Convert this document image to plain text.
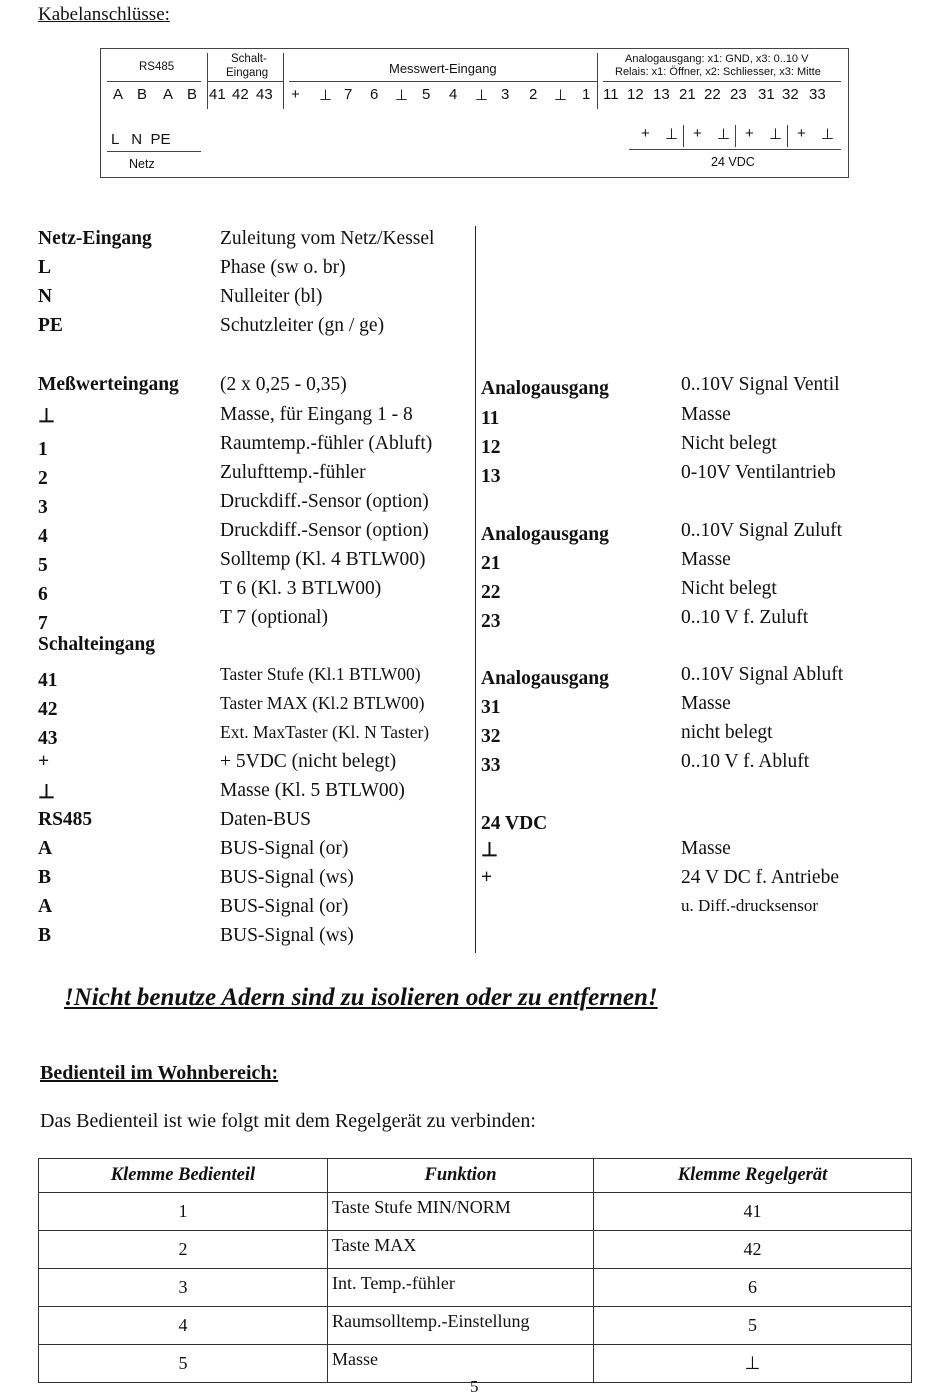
Kabelanschlüsse:
RS485
Schalt-
Eingang	Messwert-Eingang
Analogausgang: x1: GND, x3: 0..10 V
Relais: x1: Öffner, x2: Schliesser, x3: Mitte
A B A B 41 42 43 + ⊥ 7 6 ⊥ 5 4 ⊥ 3 2 ⊥ 1 11 12 13 21 22 23 31 32 33
L   N  PE
Netz
+ ⊥ + ⊥ + ⊥ + ⊥
24 VDC
Netz-Eingang	Zuleitung vom Netz/Kessel
L	Phase (sw o. br)
N	Nulleiter (bl)
PE	Schutzleiter (gn / ge)
Meßwerteingang (2 x 0,25 - 0,35)
⊥	Masse, für Eingang 1 - 8
1	Raumtemp.-fühler (Abluft)
2	Zulufttemp.-fühler
3	Druckdiff.-Sensor (option)
4	Druckdiff.-Sensor (option)
5	Solltemp (Kl. 4 BTLW00)
6	T 6 (Kl. 3 BTLW00)
7	T 7 (optional)
Schalteingang
41	Taster Stufe (Kl.1 BTLW00)
42	Taster MAX (Kl.2 BTLW00)
43	Ext. MaxTaster (Kl. N Taster)
+	+ 5VDC (nicht belegt)
⊥	Masse (Kl. 5 BTLW00)
RS485	Daten-BUS
A	BUS-Signal (or)
B	BUS-Signal (ws)
A	BUS-Signal (or)
B	BUS-Signal (ws)
Analogausgang	0..10V Signal Ventil
11	Masse
12	Nicht belegt
13	0-10V Ventilantrieb
Analogausgang	0..10V Signal Zuluft
21	Masse
22	Nicht belegt
23	0..10 V f. Zuluft
Analogausgang	0..10V Signal Abluft
31	Masse
32	nicht belegt
33	0..10 V f. Abluft
24 VDC
⊥	Masse
+	24 V DC f. Antriebe
u. Diff.-drucksensor
!Nicht benutze Adern sind zu isolieren oder zu entfernen!
Bedienteil im Wohnbereich:
Das Bedienteil ist wie folgt mit dem Regelgerät zu verbinden:
Klemme Bedienteil	Funktion	Klemme Regelgerät
1	Taste Stufe MIN/NORM	41
2	Taste MAX	42
3	Int. Temp.-fühler	6
4	Raumsolltemp.-Einstellung	5
5	Masse	⊥
5
